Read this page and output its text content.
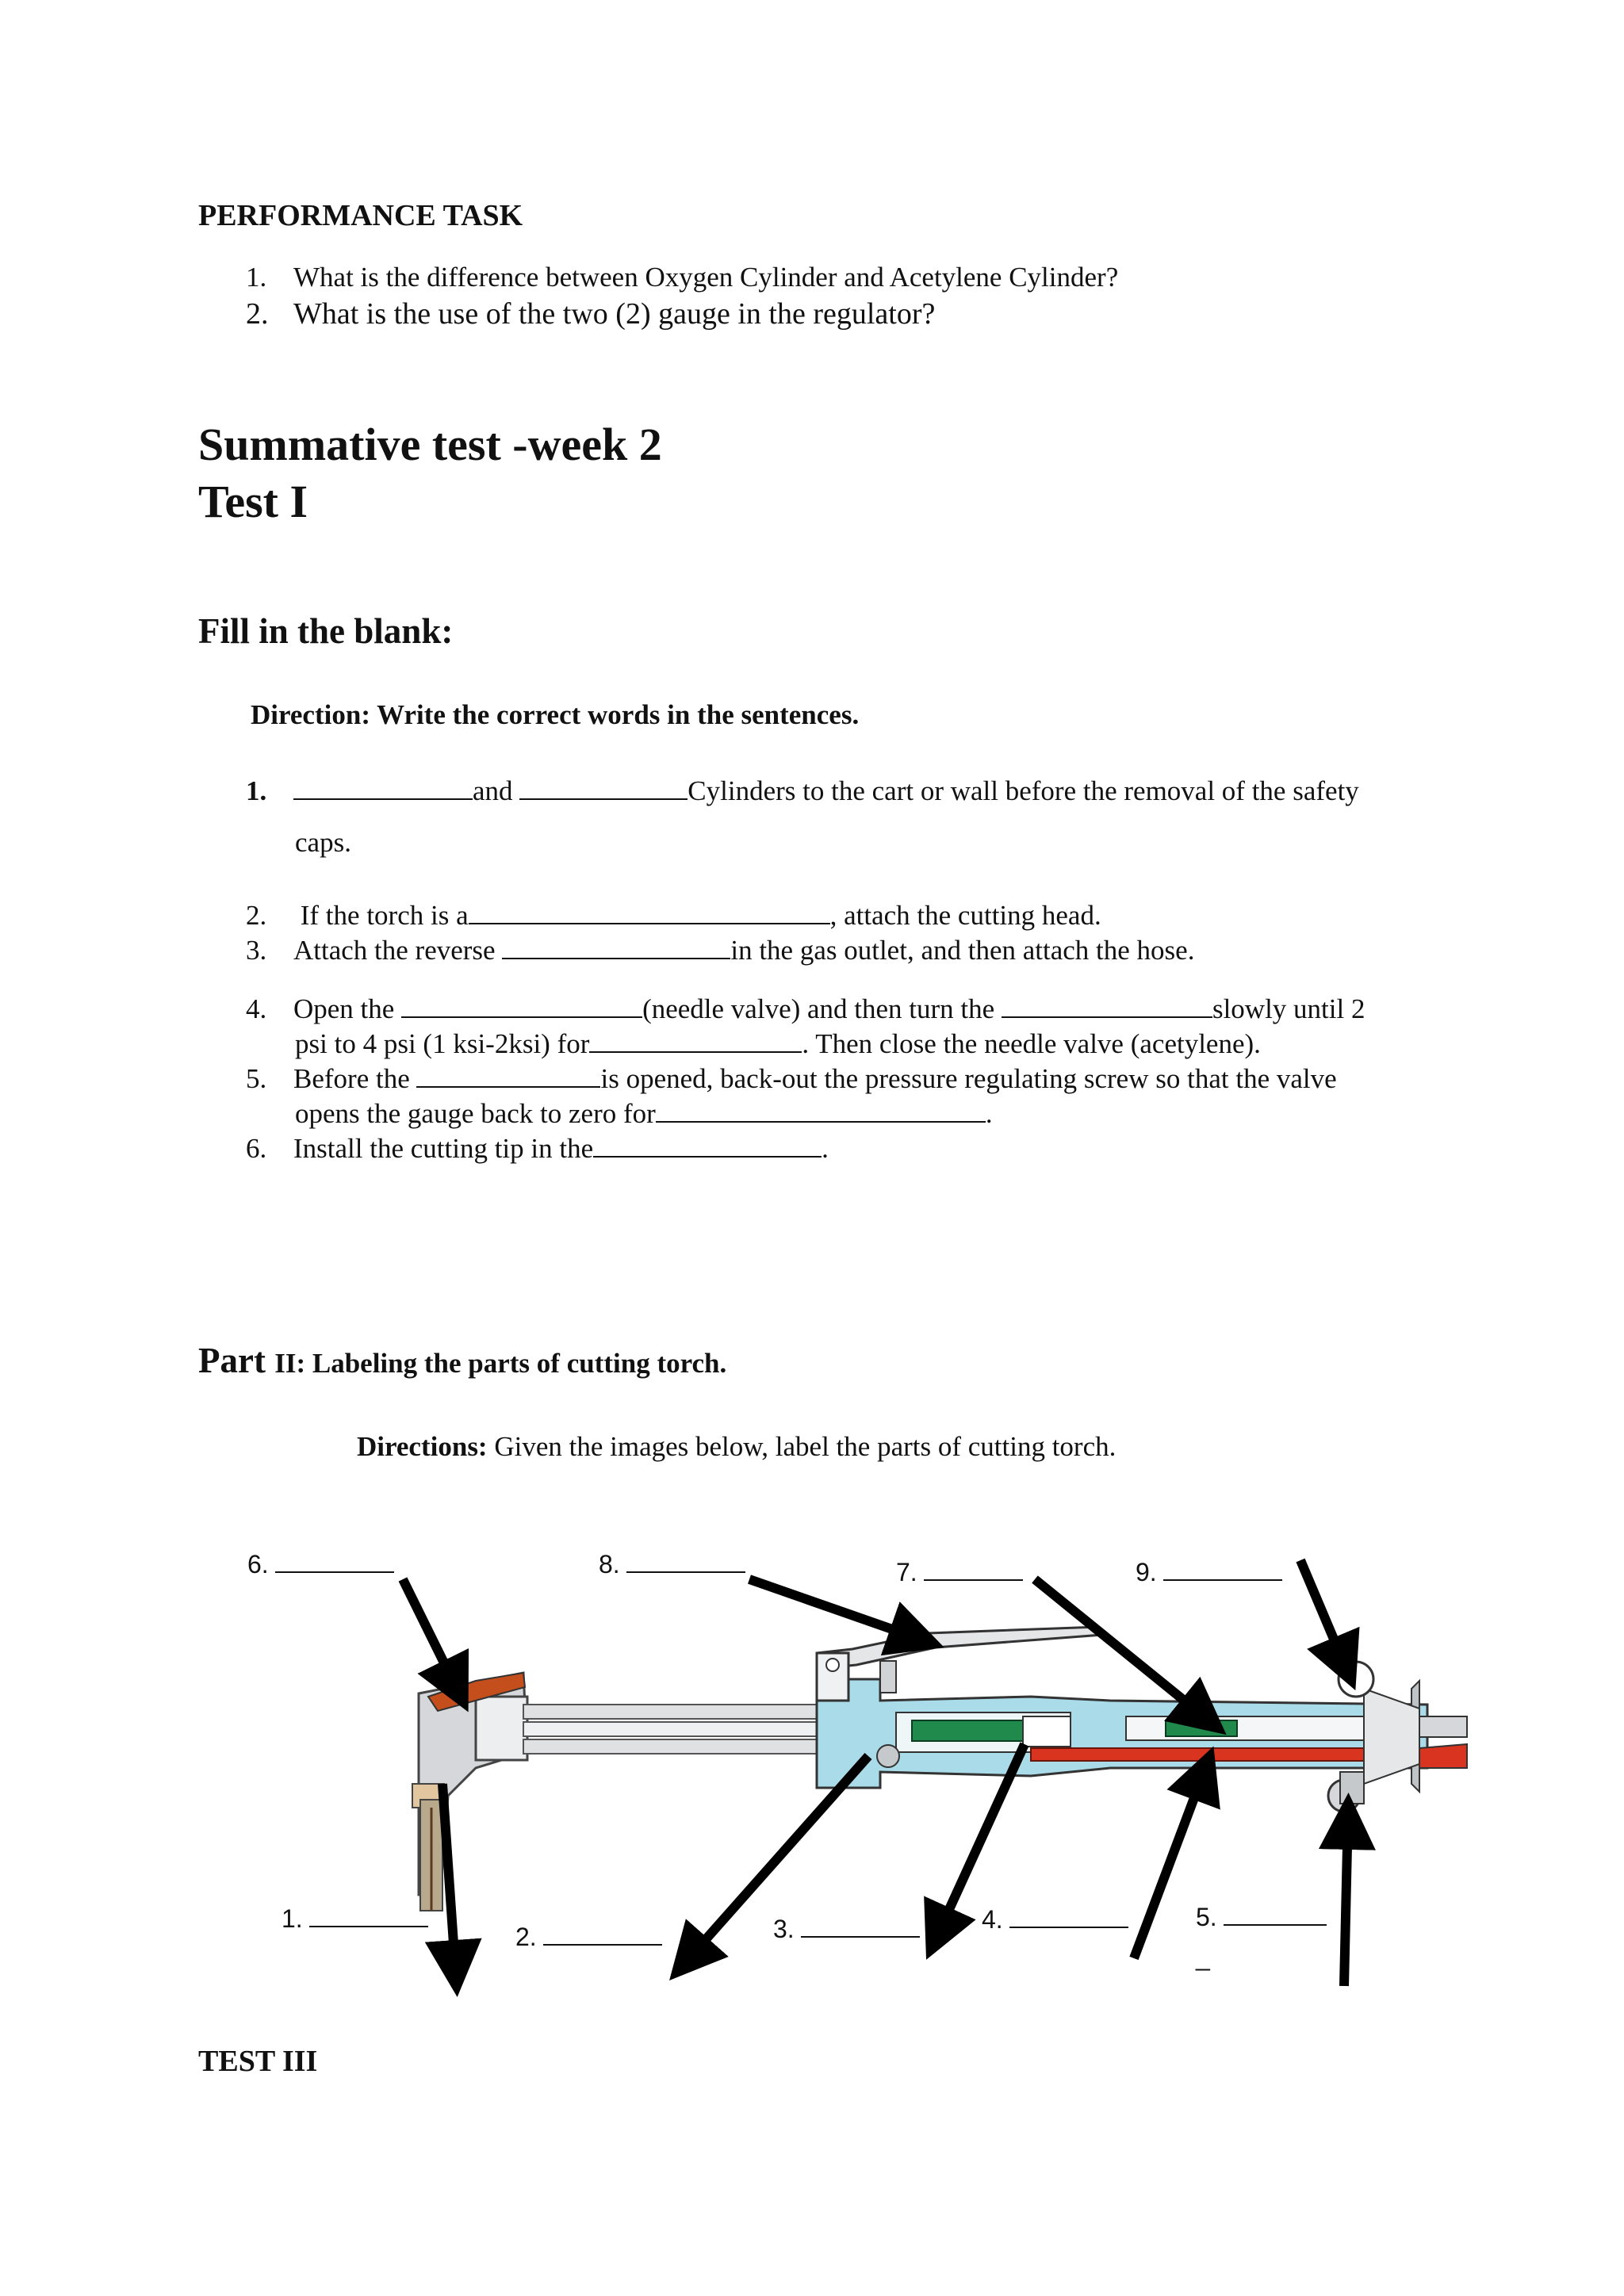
PERFORMANCE TASK
1. What is the difference between Oxygen Cylinder and Acetylene Cylinder?
2. What is the use of the two (2) gauge in the regulator?
Summative test -week 2
Test I
Fill in the blank:
Direction: Write the correct words in the sentences.
1.	and	Cylinders to the cart or wall before the removal of the safety
caps.
2. If the torch is a	, attach the cutting head.
3. Attach the reverse	in the gas outlet, and then attach the hose.
4. Open the	(needle valve) and then turn the	slowly until 2
psi to 4 psi (1 ksi-2ksi) for	. Then close the needle valve (acetylene).
5. Before the	is opened, back-out the pressure regulating screw so that the valve
opens the gauge back to zero for	.
6. Install the cutting tip in the	.
Part II: Labeling the parts of cutting torch.
Directions: Given the images below, label the parts of cutting torch.
6.	8.	7.	9.
1.
2.	3.	4.	5.
_
TEST III
